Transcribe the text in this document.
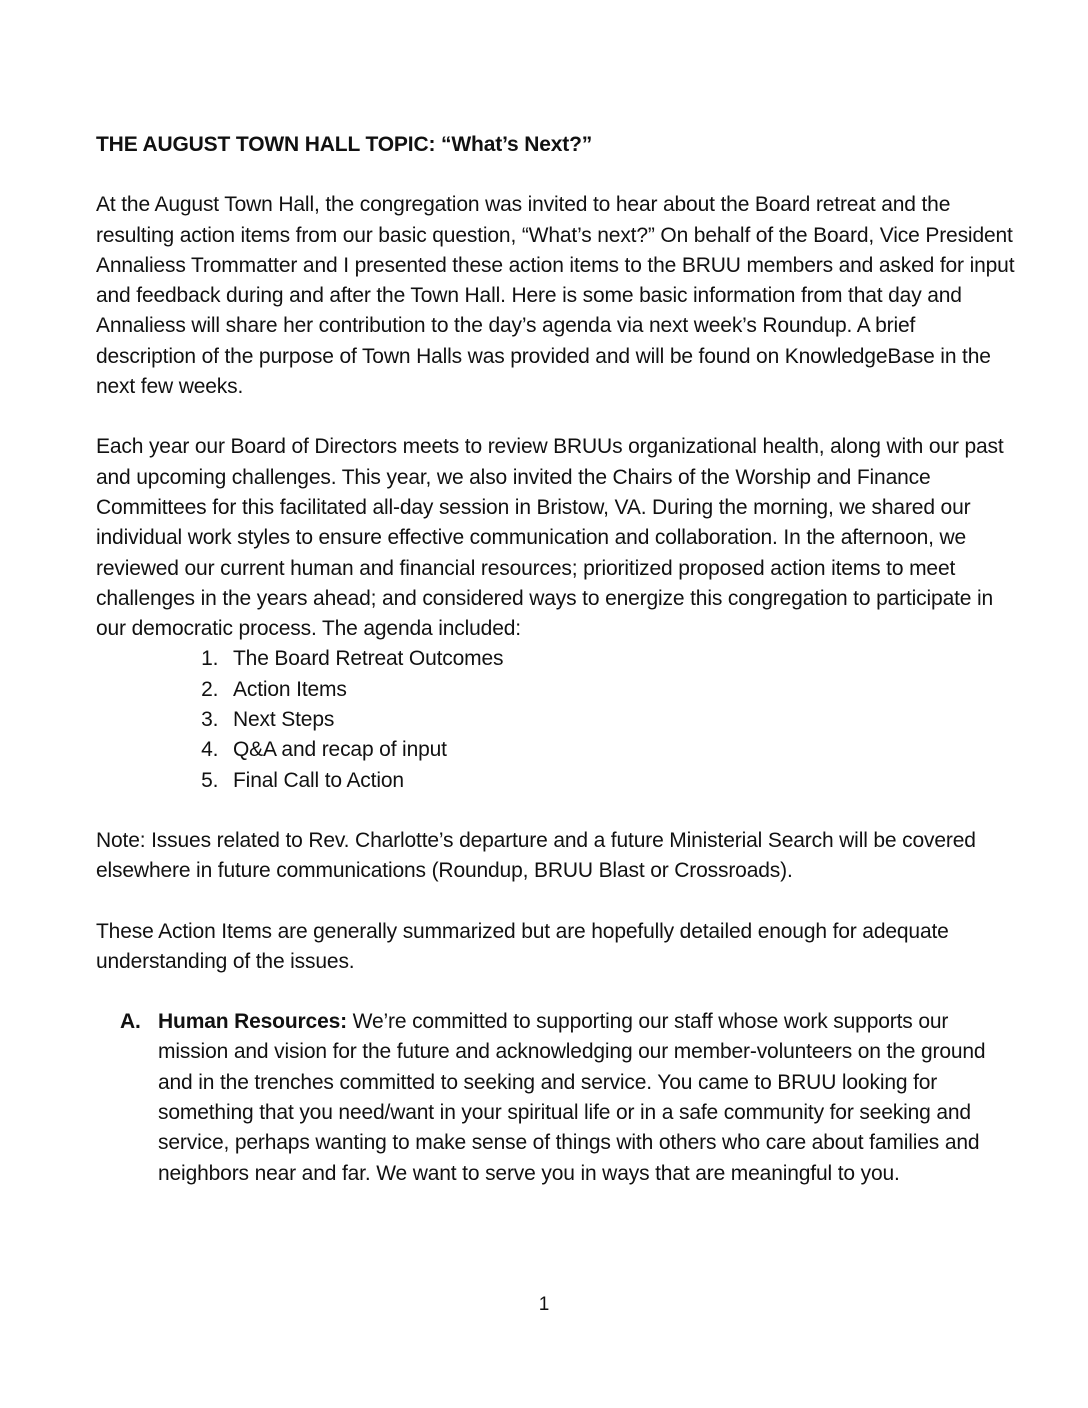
THE AUGUST TOWN HALL TOPIC: “What’s Next?”

At the August Town Hall, the congregation was invited to hear about the Board retreat and the resulting action items from our basic question, “What’s next?” On behalf of the Board, Vice President Annaliess Trommatter and I presented these action items to the BRUU members and asked for input and feedback during and after the Town Hall. Here is some basic information from that day and Annaliess will share her contribution to the day’s agenda via next week’s Roundup. A brief description of the purpose of Town Halls was provided and will be found on KnowledgeBase in the next few weeks.

Each year our Board of Directors meets to review BRUUs organizational health, along with our past and upcoming challenges. This year, we also invited the Chairs of the Worship and Finance Committees for this facilitated all-day session in Bristow, VA. During the morning, we shared our individual work styles to ensure effective communication and collaboration. In the afternoon, we reviewed our current human and financial resources; prioritized proposed action items to meet challenges in the years ahead; and considered ways to energize this congregation to participate in our democratic process. The agenda included:

1. The Board Retreat Outcomes
2. Action Items
3. Next Steps
4. Q&A and recap of input
5. Final Call to Action

Note: Issues related to Rev. Charlotte’s departure and a future Ministerial Search will be covered elsewhere in future communications (Roundup, BRUU Blast or Crossroads).

These Action Items are generally summarized but are hopefully detailed enough for adequate understanding of the issues.

A. Human Resources: We’re committed to supporting our staff whose work supports our mission and vision for the future and acknowledging our member-volunteers on the ground and in the trenches committed to seeking and service. You came to BRUU looking for something that you need/want in your spiritual life or in a safe community for seeking and service, perhaps wanting to make sense of things with others who care about families and neighbors near and far. We want to serve you in ways that are meaningful to you.
1
